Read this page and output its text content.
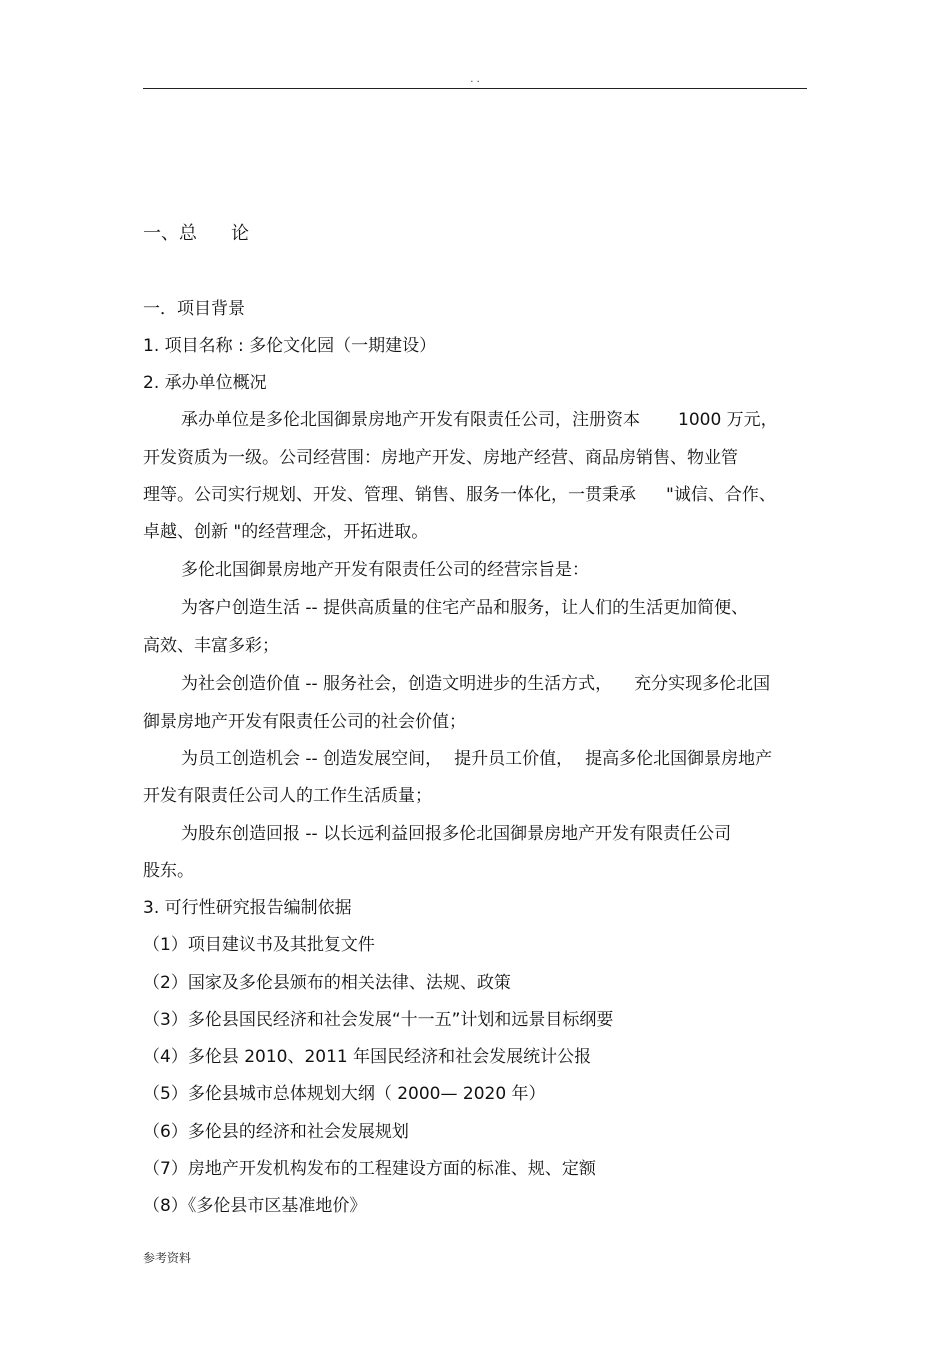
. .
一、总 论
一．项目背景
1. 项目名称 : 多伦文化园（一期建设）
2. 承办单位概况
承办单位是多伦北国御景房地产开发有限责任公司，注册资本 1000 万元，
开发资质为一级。公司经营围：房地产开发、房地产经营、商品房销售、物业管
理等。公司实行规划、开发、管理、销售、服务一体化，一贯秉承 "诚信、合作、
卓越、创新 "的经营理念，开拓进取。
多伦北国御景房地产开发有限责任公司的经营宗旨是：
为客户创造生活 -- 提供高质量的住宅产品和服务，让人们的生活更加简便、
高效、丰富多彩；
为社会创造价值 -- 服务社会，创造文明进步的生活方式， 充分实现多伦北国
御景房地产开发有限责任公司的社会价值；
为员工创造机会 -- 创造发展空间， 提升员工价值， 提高多伦北国御景房地产
开发有限责任公司人的工作生活质量；
为股东创造回报 -- 以长远利益回报多伦北国御景房地产开发有限责任公司
股东。
3. 可行性研究报告编制依据
（1）项目建议书及其批复文件
（2）国家及多伦县颁布的相关法律、法规、政策
（3）多伦县国民经济和社会发展“十一五”计划和远景目标纲要
（4）多伦县 2010、2011 年国民经济和社会发展统计公报
（5）多伦县城市总体规划大纲（ 2000— 2020 年）
（6）多伦县的经济和社会发展规划
（7）房地产开发机构发布的工程建设方面的标准、规、定额
（8）《多伦县市区基准地价》
参考资料
